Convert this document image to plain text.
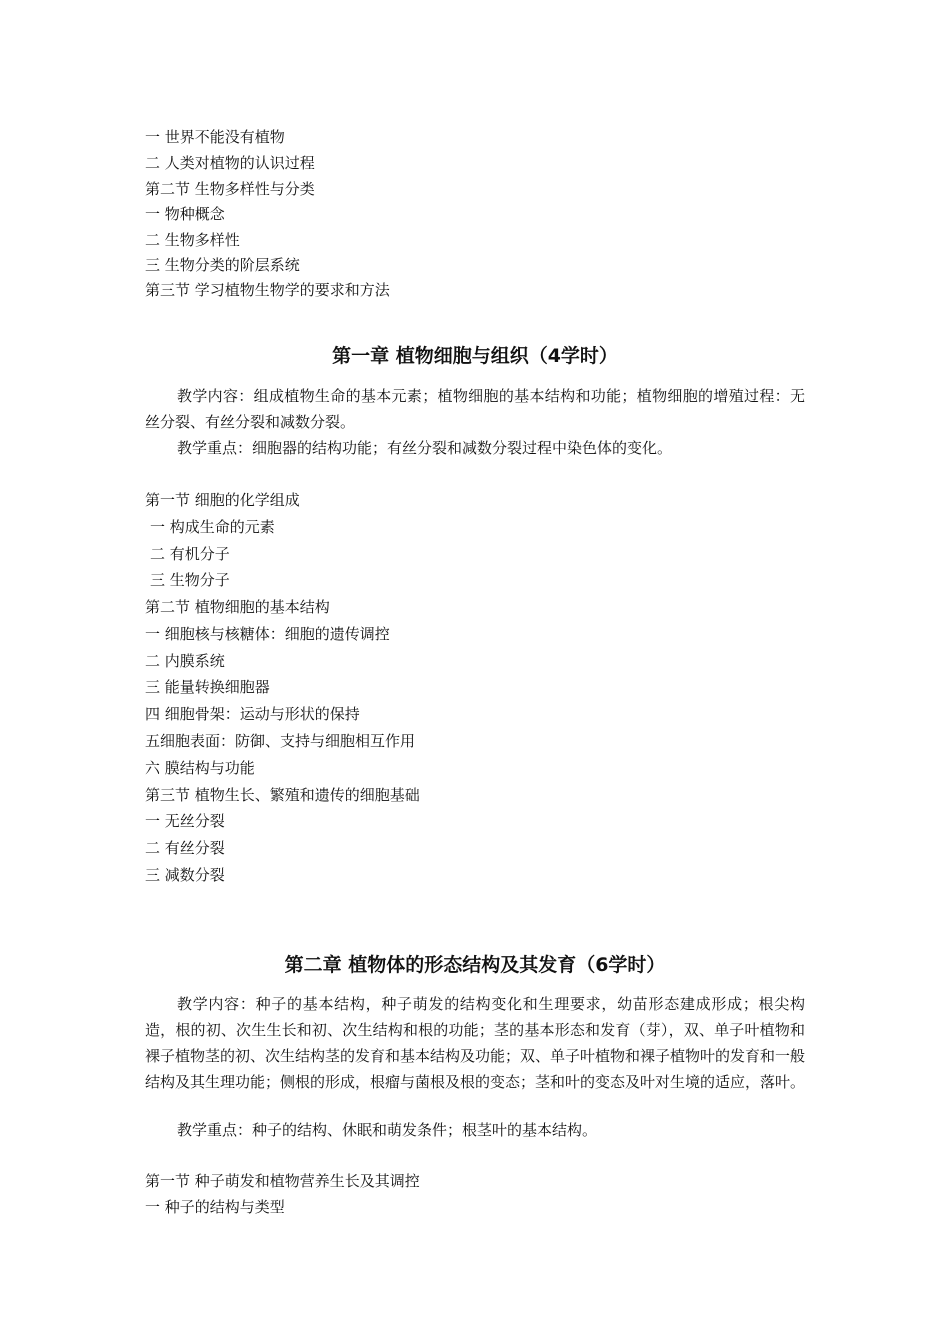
一 世界不能没有植物
二 人类对植物的认识过程
第二节 生物多样性与分类
一 物种概念
二 生物多样性
三 生物分类的阶层系统
第三节 学习植物生物学的要求和方法
第一章 植物细胞与组织（4学时）
教学内容：组成植物生命的基本元素；植物细胞的基本结构和功能；植物细胞的增殖过程：无丝分裂、有丝分裂和减数分裂。
教学重点：细胞器的结构功能；有丝分裂和减数分裂过程中染色体的变化。
第一节 细胞的化学组成
一 构成生命的元素
二 有机分子
三 生物分子
第二节 植物细胞的基本结构
一 细胞核与核糖体：细胞的遗传调控
二 内膜系统
三 能量转换细胞器
四 细胞骨架：运动与形状的保持
五细胞表面：防御、支持与细胞相互作用
六 膜结构与功能
第三节 植物生长、繁殖和遗传的细胞基础
一 无丝分裂
二 有丝分裂
三 减数分裂
第二章 植物体的形态结构及其发育（6学时）
教学内容：种子的基本结构，种子萌发的结构变化和生理要求，幼苗形态建成形成；根尖构造，根的初、次生生长和初、次生结构和根的功能；茎的基本形态和发育（芽），双、单子叶植物和裸子植物茎的初、次生结构茎的发育和基本结构及功能；双、单子叶植物和裸子植物叶的发育和一般结构及其生理功能；侧根的形成，根瘤与菌根及根的变态；茎和叶的变态及叶对生境的适应，落叶。
教学重点：种子的结构、休眠和萌发条件；根茎叶的基本结构。
第一节 种子萌发和植物营养生长及其调控
一 种子的结构与类型
